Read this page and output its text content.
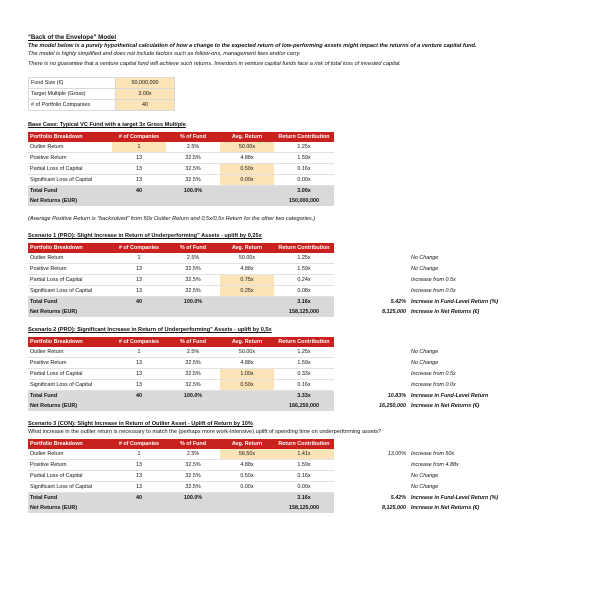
"Back of the Envelope" Model
The model below is a purely hypothetical calculation of how a change to the expected return of low-performing assets might impact the returns of a venture capital fund.
The model is highly simplified and does not include factors such as follow-ons, management fees and/or carry.
There is no guarantee that a venture capital fund will achieve such returns. Investors in venture capital funds face a risk of total loss of invested capital.
Fund Size (€)	50,000,000
Target Multiple (Gross)	3.00x
# of Portfolio Companies	40
Base Case: Typical VC Fund with a target 3x Gross Multiple
Portfolio Breakdown	# of Companies	% of Fund	Avg. Return	Return Contribution
Outlier Return	1	2.5%	50.00x	1.25x
Positive Return	13	32.5%	4.88x	1.59x
Partial Loss of Capital	13	32.5%	0.50x	0.16x
Significant Loss of Capital	13	32.5%	0.00x	0.00x
Total Fund	40	100.0%		3.00x
Net Returns (EUR)				150,000,000
(Average Positive Return is "backsolved" from 50x Outlier Return and 0,5x/0,5x Return for the other two categories.)
Scenario 1 (PRO): Slight Increase in Return of Underperforming" Assets - uplift by 0,25x
Portfolio Breakdown	# of Companies	% of Fund	Avg. Return	Return Contribution			
Outlier Return	1	2.5%	50.00x	1.25x			No Change
Positive Return	13	32.5%	4.88x	1.59x			No Change
Partial Loss of Capital	13	32.5%	0.75x	0.24x			Increase from 0.5x
Significant Loss of Capital	13	32.5%	0.25x	0.08x			Increase from 0.0x
Total Fund	40	100.0%		3.16x		5.42%	Increase in Fund-Level Return (%)
Net Returns (EUR)				158,125,000		8,125,000	Increase in Net Returns (€)
Scenario 2 (PRO): Significant Increase in Return of Underperforming" Assets - uplift by 0,5x
Portfolio Breakdown	# of Companies	% of Fund	Avg. Return	Return Contribution			
Outlier Return	1	2.5%	50.00x	1.25x			No Change
Positive Return	13	32.5%	4.88x	1.59x			No Change
Partial Loss of Capital	13	32.5%	1.00x	0.33x			Increase from 0.5x
Significant Loss of Capital	13	32.5%	0.50x	0.16x			Increase from 0.0x
Total Fund	40	100.0%		3.33x		10.83%	Increase in Fund-Level Return
Net Returns (EUR)				166,250,000		16,250,000	Increase in Net Returns (€)
Scenario 3 (CON): Slight Increase in Return of Outlier Asset - Uplift of Return by 10%
What increase in the outlier return is necessary to match the (perhaps more work-intensive) uplift of spending time on underperforming assets?
Portfolio Breakdown	# of Companies	% of Fund	Avg. Return	Return Contribution			
Outlier Return	1	2.5%	56.50x	1.41x		13.00%	Increase from 50x
Positive Return	13	32.5%	4.88x	1.59x			Increase from 4.88x
Partial Loss of Capital	13	32.5%	0.50x	0.16x			No Change
Significant Loss of Capital	13	32.5%	0.00x	0.00x			No Change
Total Fund	40	100.0%		3.16x		5.42%	Increase in Fund-Level Return (%)
Net Returns (EUR)				158,125,000		8,125,000	Increase in Net Returns (€)
